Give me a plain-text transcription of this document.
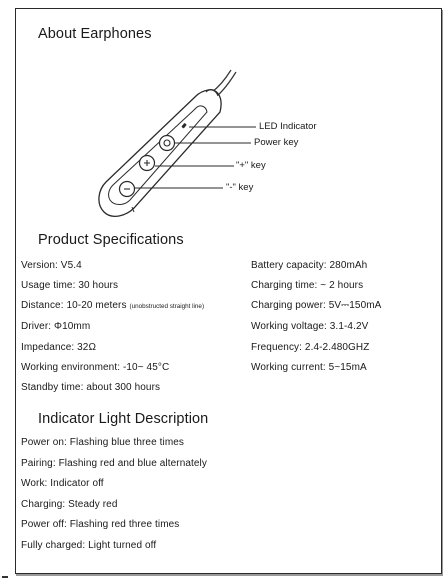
About Earphones
LED Indicator
Power key
"+" key
"-" key
Product Specifications
Version: V5.4
Usage time: 30 hours
Distance: 10-20 meters (unobstructed straight line)
Driver: Φ10mm
Impedance: 32Ω
Working environment: -10~ 45°C
Standby time: about 300 hours
Battery capacity: 280mAh
Charging time: ~ 2 hours
Charging power: 5V⎓150mA
Working voltage: 3.1-4.2V
Frequency: 2.4-2.480GHZ
Working current: 5~15mA
Indicator Light Description
Power on: Flashing blue three times
Pairing: Flashing red and blue alternately
Work: Indicator off
Charging: Steady red
Power off: Flashing red three times
Fully charged: Light turned off
